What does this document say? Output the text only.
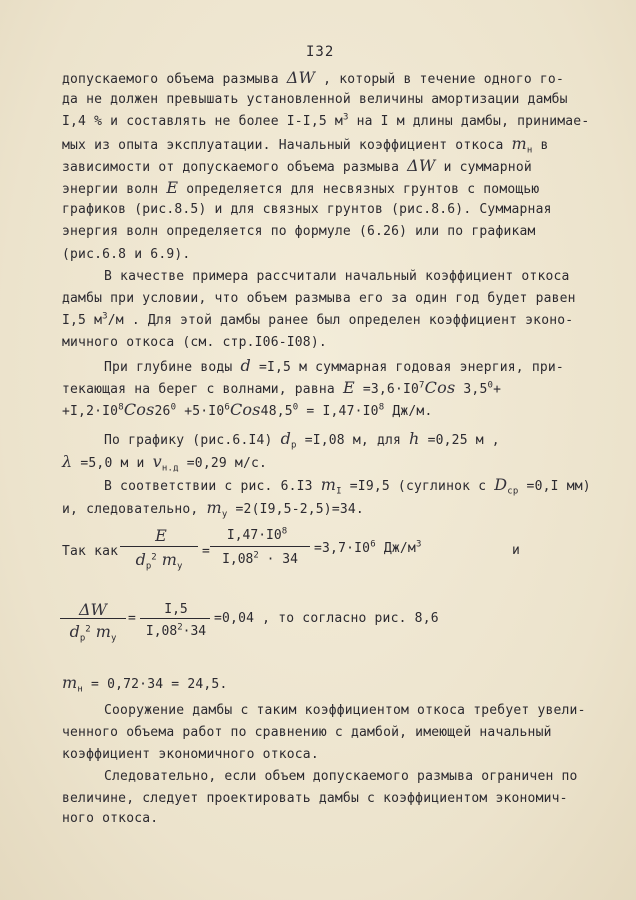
I32
допускаемого объема размыва ΔW , который в течение одного го-
да не должен превышать установленной величины амортизации дамбы
I,4 % и составлять не более I-I,5 $м^3$ на I м длины дамбы, принимае-
мых из опыта эксплуатации. Начальный коэффициент откоса $m_н$ в
зависимости от допускаемого объема размыва ΔW и суммарной
энергии волн E определяется для несвязных грунтов с помощью
графиков (рис.8.5) и для связных грунтов (рис.8.6). Суммарная
энергия волн определяется по формуле (6.26) или по графикам
(рис.6.8 и 6.9).
В качестве примера рассчитали начальный коэффициент откоса
дамбы при условии, что объем размыва его за один год будет равен
I,5 $м^3/м$ . Для этой дамбы ранее был определен коэффициент эконо-
мичного откоса (см. стр.I06-I08).
При глубине воды d =I,5 м суммарная годовая энергия, при-
текающая на берег с волнами, равна $E =3,6\cdot I0^7Cos$ $3,5^0+$
$+I,2\cdot I0^8Cos26^0 +5\cdot I0^6Cos48,5^0 = I,47\cdot I0^8$ Дж/м.
По графику (рис.6.I4) $d_p =I,08$ м, для h =0,25 м ,
λ =5,0 м и $v_{н.д} =0,29$ м/с.
В соответствии с рис. 6.I3 $m_I =I9,5$ (суглинок с $D_{cp} =0,I$ мм)
и, следовательно, $m_y =2(I9,5-2,5)=34$.
Так как
E
$d_p^2$ $m_y$
=
$I,47\cdot I0^8$
$I,08^2 \cdot 34$
$=3,7\cdot I0^6$ $Дж/м^3$	и
ΔW
$d_p^2$ $m_y$
=
I,5
$I,08^2\cdot 34$
=0,04 , то согласно рис. 8,6
$m_н = 0,72\cdot 34 = 24,5$.
Сооружение дамбы с таким коэффициентом откоса требует увели-
ченного объема работ по сравнению с дамбой, имеющей начальный
коэффициент экономичного откоса.
Следовательно, если объем допускаемого размыва ограничен по
величине, следует проектировать дамбы с коэффициентом экономич-
ного откоса.
